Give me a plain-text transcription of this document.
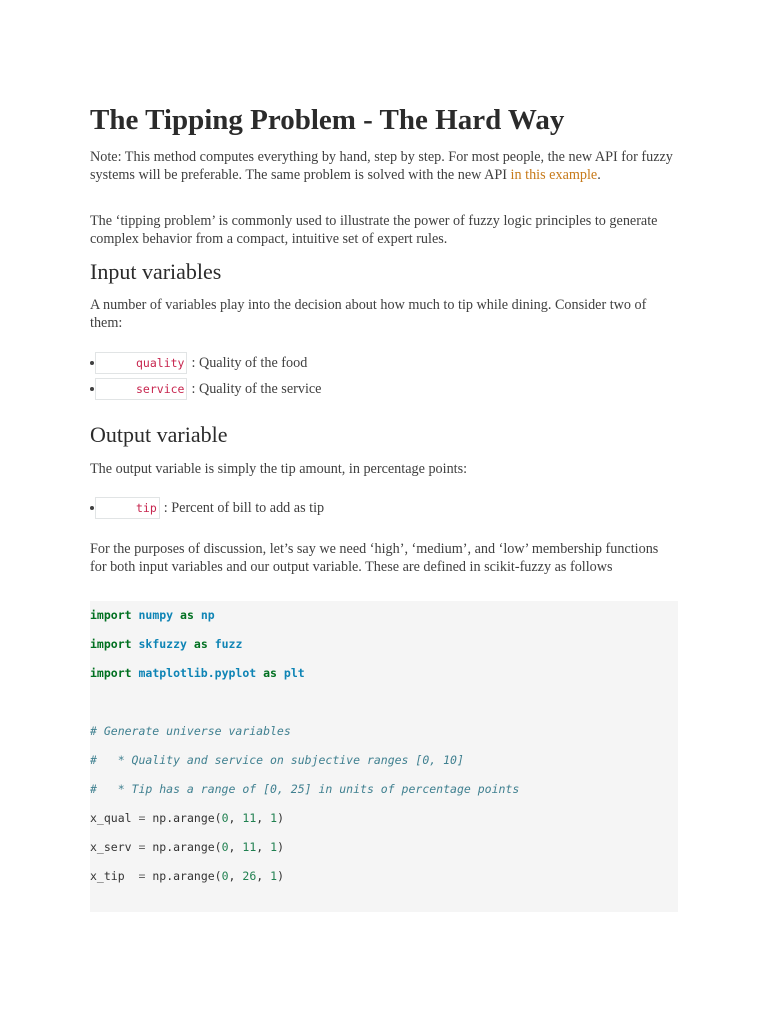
The Tipping Problem - The Hard Way

Note: This method computes everything by hand, step by step. For most people, the new API for fuzzy systems will be preferable. The same problem is solved with the new API in this example.

The ‘tipping problem’ is commonly used to illustrate the power of fuzzy logic principles to generate complex behavior from a compact, intuitive set of expert rules.

Input variables

A number of variables play into the decision about how much to tip while dining. Consider two of them:

quality : Quality of the food
service : Quality of the service
Output variable

The output variable is simply the tip amount, in percentage points:

tip : Percent of bill to add as tip

For the purposes of discussion, let’s say we need ‘high’, ‘medium’, and ‘low’ membership functions for both input variables and our output variable. These are defined in scikit-fuzzy as follows

import numpy as np
import skfuzzy as fuzz
import matplotlib.pyplot as plt
# Generate universe variables
#   * Quality and service on subjective ranges [0, 10]
#   * Tip has a range of [0, 25] in units of percentage points
x_qual = np.arange(0, 11, 1)
x_serv = np.arange(0, 11, 1)
x_tip  = np.arange(0, 26, 1)
